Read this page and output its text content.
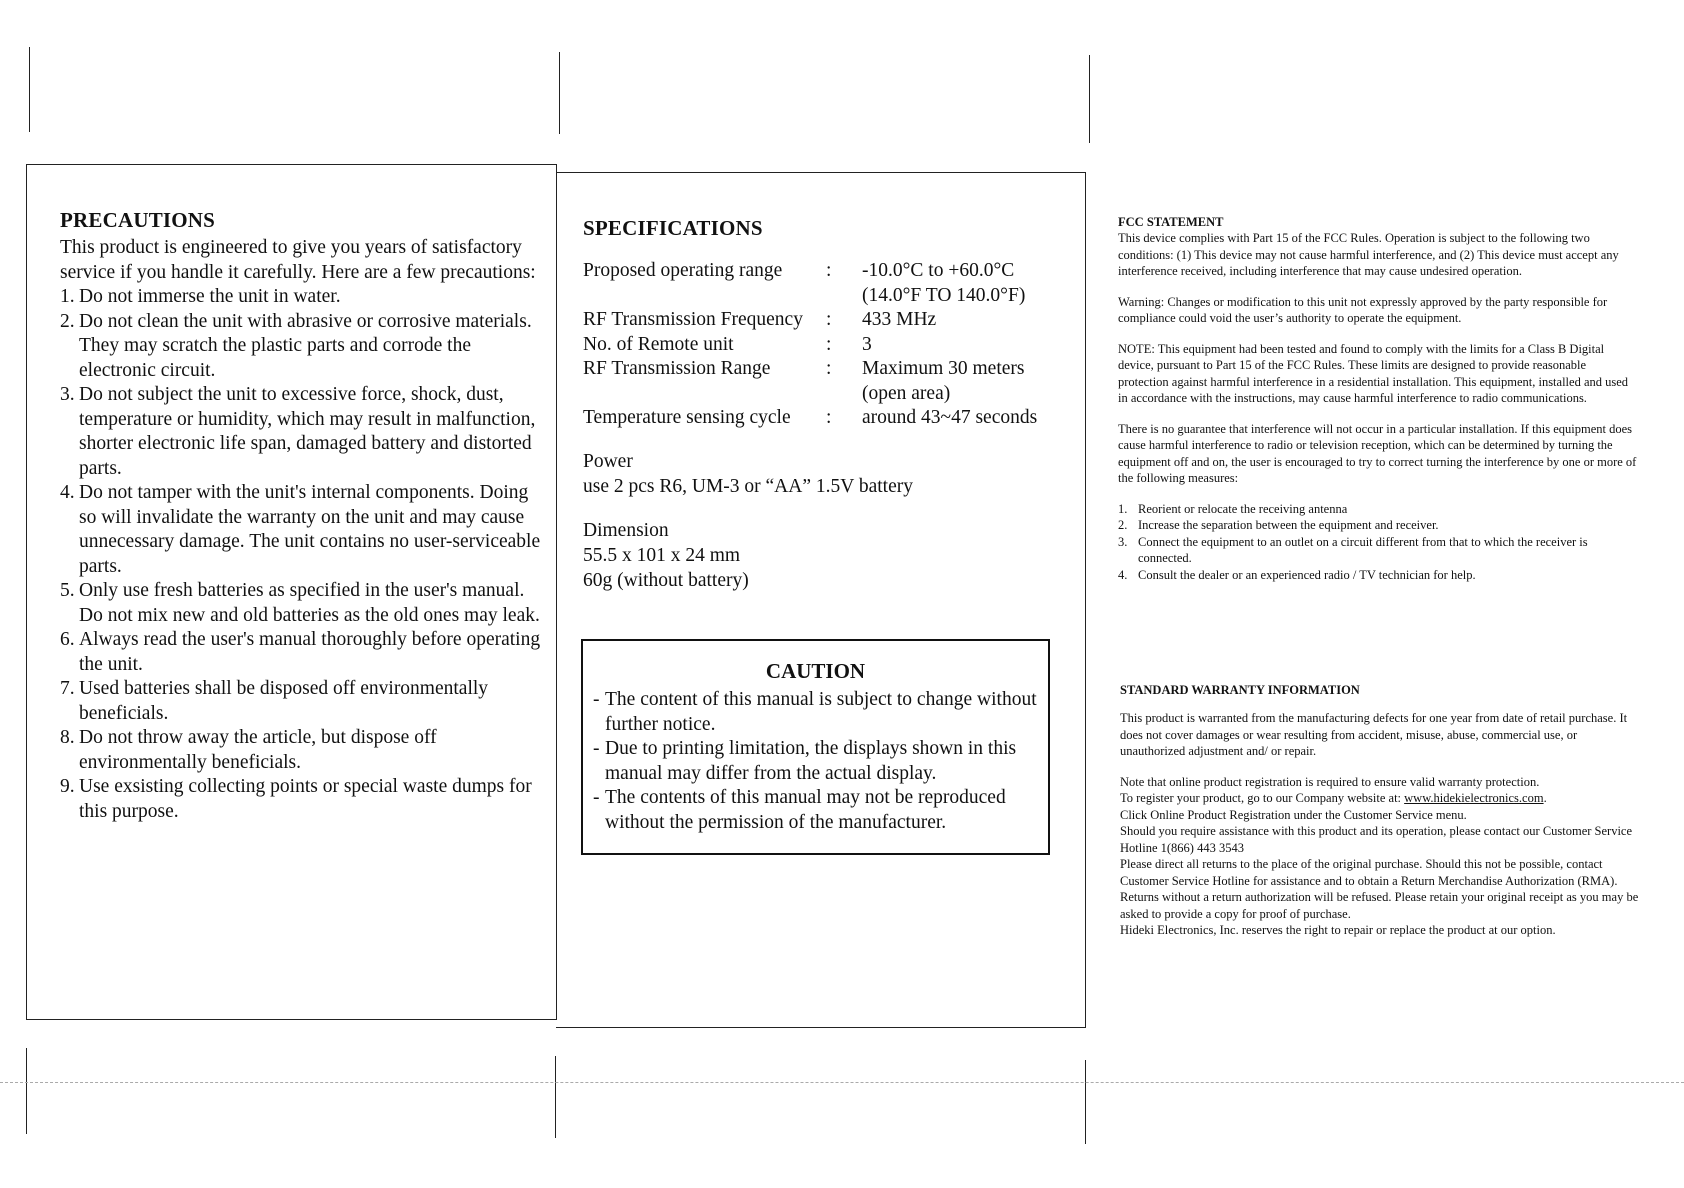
PRECAUTIONS
This product is engineered to give you years of satisfactory service if you handle it carefully. Here are a few precautions:
1. Do not immerse the unit in water.
2. Do not clean the unit with abrasive or corrosive materials. They may scratch the plastic parts and corrode the electronic circuit.
3. Do not subject the unit to excessive force, shock, dust, temperature or humidity, which may result in malfunction, shorter electronic life span, damaged battery and distorted parts.
4. Do not tamper with the unit's internal components. Doing so will invalidate the warranty on the unit and may cause unnecessary damage. The unit contains no user-serviceable parts.
5. Only use fresh batteries as specified in the user's manual. Do not mix new and old batteries as the old ones may leak.
6. Always read the user's manual thoroughly before operating the unit.
7. Used batteries shall be disposed off environmentally beneficials.
8. Do not throw away the article, but dispose off environmentally beneficials.
9. Use exsisting collecting points or special waste dumps for this purpose.
SPECIFICATIONS
Proposed operating range	:	-10.0°C to +60.0°C
(14.0°F TO 140.0°F)

RF Transmission Frequency	:	433 MHz
No. of Remote unit	:	3
RF Transmission Range	:	Maximum 30 meters
(open area)

Temperature sensing cycle	:	around 43~47 seconds
Power
use 2 pcs R6, UM-3 or “AA” 1.5V battery
Dimension
55.5 x 101 x 24 mm
60g (without battery)
CAUTION
- The content of this manual is subject to change without further notice.
- Due to printing limitation, the displays shown in this manual may differ from the actual display.
- The contents of this manual may not be reproduced without the permission of the manufacturer.
FCC STATEMENT

This device complies with Part 15 of the FCC Rules. Operation is subject to the following two conditions: (1) This device may not cause harmful interference, and (2) This device must accept any interference received, including interference that may cause undesired operation.

Warning: Changes or modification to this unit not expressly approved by the party responsible for compliance could void the user’s authority to operate the equipment.

NOTE: This equipment had been tested and found to comply with the limits for a Class B Digital device, pursuant to Part 15 of the FCC Rules. These limits are designed to provide reasonable protection against harmful interference in a residential installation. This equipment, installed and used in accordance with the instructions, may cause harmful interference to radio communications.

There is no guarantee that interference will not occur in a particular installation. If this equipment does cause harmful interference to radio or television reception, which can be determined by turning the equipment off and on, the user is encouraged to try to correct turning the interference by one or more of the following measures:

1. Reorient or relocate the receiving antenna
2. Increase the separation between the equipment and receiver.
3. Connect the equipment to an outlet on a circuit different from that to which the receiver is connected.
4. Consult the dealer or an experienced radio / TV technician for help.
STANDARD WARRANTY INFORMATION

This product is warranted from the manufacturing defects for one year from date of retail purchase. It does not cover damages or wear resulting from accident, misuse, abuse, commercial use, or unauthorized adjustment and/ or repair.

Note that online product registration is required to ensure valid warranty protection.

To register your product, go to our Company website at: www.hidekielectronics.com.

Click Online Product Registration under the Customer Service menu.

Should you require assistance with this product and its operation, please contact our Customer Service Hotline 1(866) 443 3543

Please direct all returns to the place of the original purchase. Should this not be possible, contact Customer Service Hotline for assistance and to obtain a Return Merchandise Authorization (RMA). Returns without a return authorization will be refused. Please retain your original receipt as you may be asked to provide a copy for proof of purchase.

Hideki Electronics, Inc. reserves the right to repair or replace the product at our option.
